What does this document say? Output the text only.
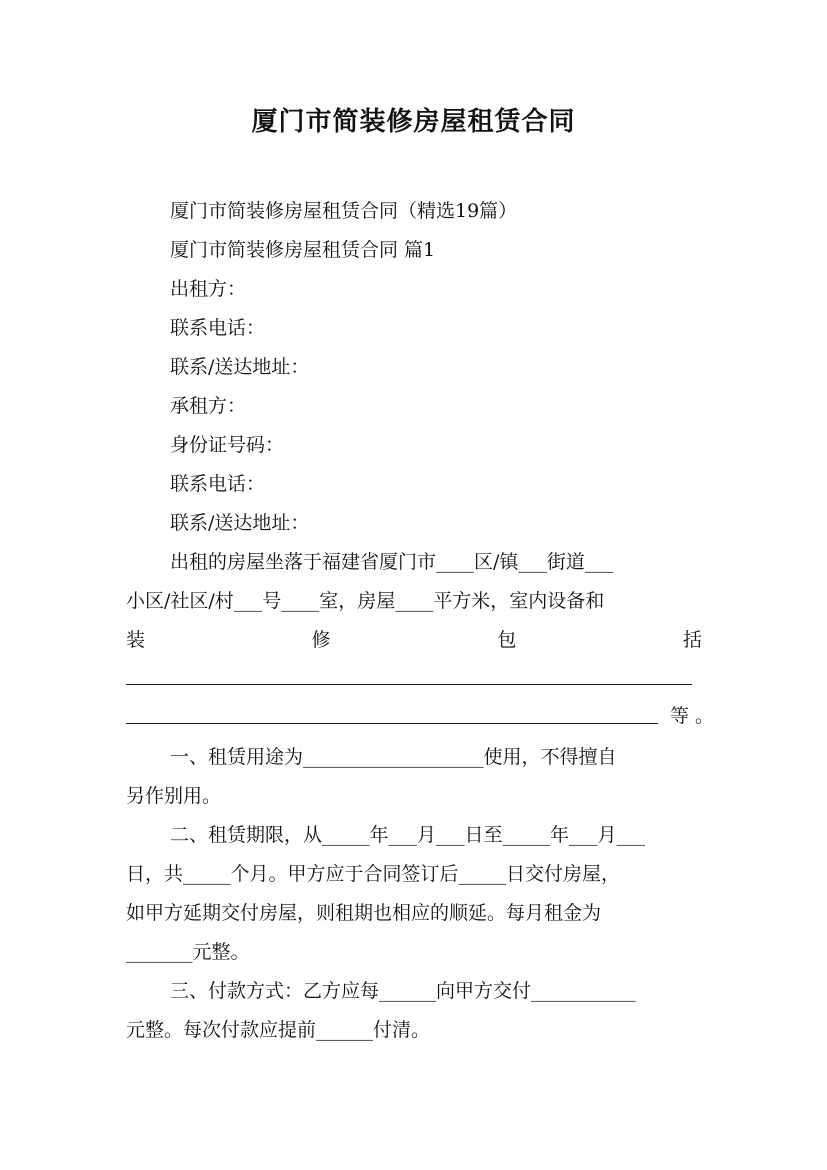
厦门市简装修房屋租赁合同
厦门市简装修房屋租赁合同（精选19篇）
厦门市简装修房屋租赁合同 篇1
出租方：
联系电话：
联系/送达地址：
承租方：
身份证号码：
联系电话：
联系/送达地址：
出租的房屋坐落于福建省厦门市____区/镇___街道___
小区/社区/村___号____室，房屋____平方米，室内设备和
装	修	包	括
等 。
一、租赁用途为___________________使用，不得擅自
另作别用。
二、租赁期限，从_____年___月___日至_____年___月___
日，共_____个月。甲方应于合同签订后_____日交付房屋，
如甲方延期交付房屋，则租期也相应的顺延。每月租金为
_______元整。
三、付款方式：乙方应每______向甲方交付___________
元整。每次付款应提前______付清。
